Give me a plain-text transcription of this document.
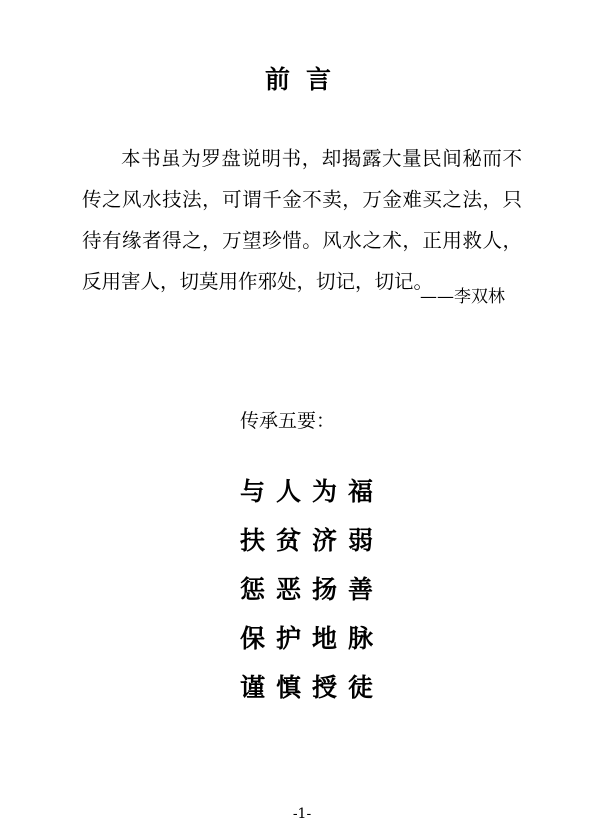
前言

本书虽为罗盘说明书，却揭露大量民间秘而不传之风水技法，可谓千金不卖，万金难买之法，只待有缘者得之，万望珍惜。风水之术，正用救人，反用害人，切莫用作邪处，切记，切记。

——李双林
传承五要：
与人为福
扶贫济弱
惩恶扬善
保护地脉
谨慎授徒
-1-
